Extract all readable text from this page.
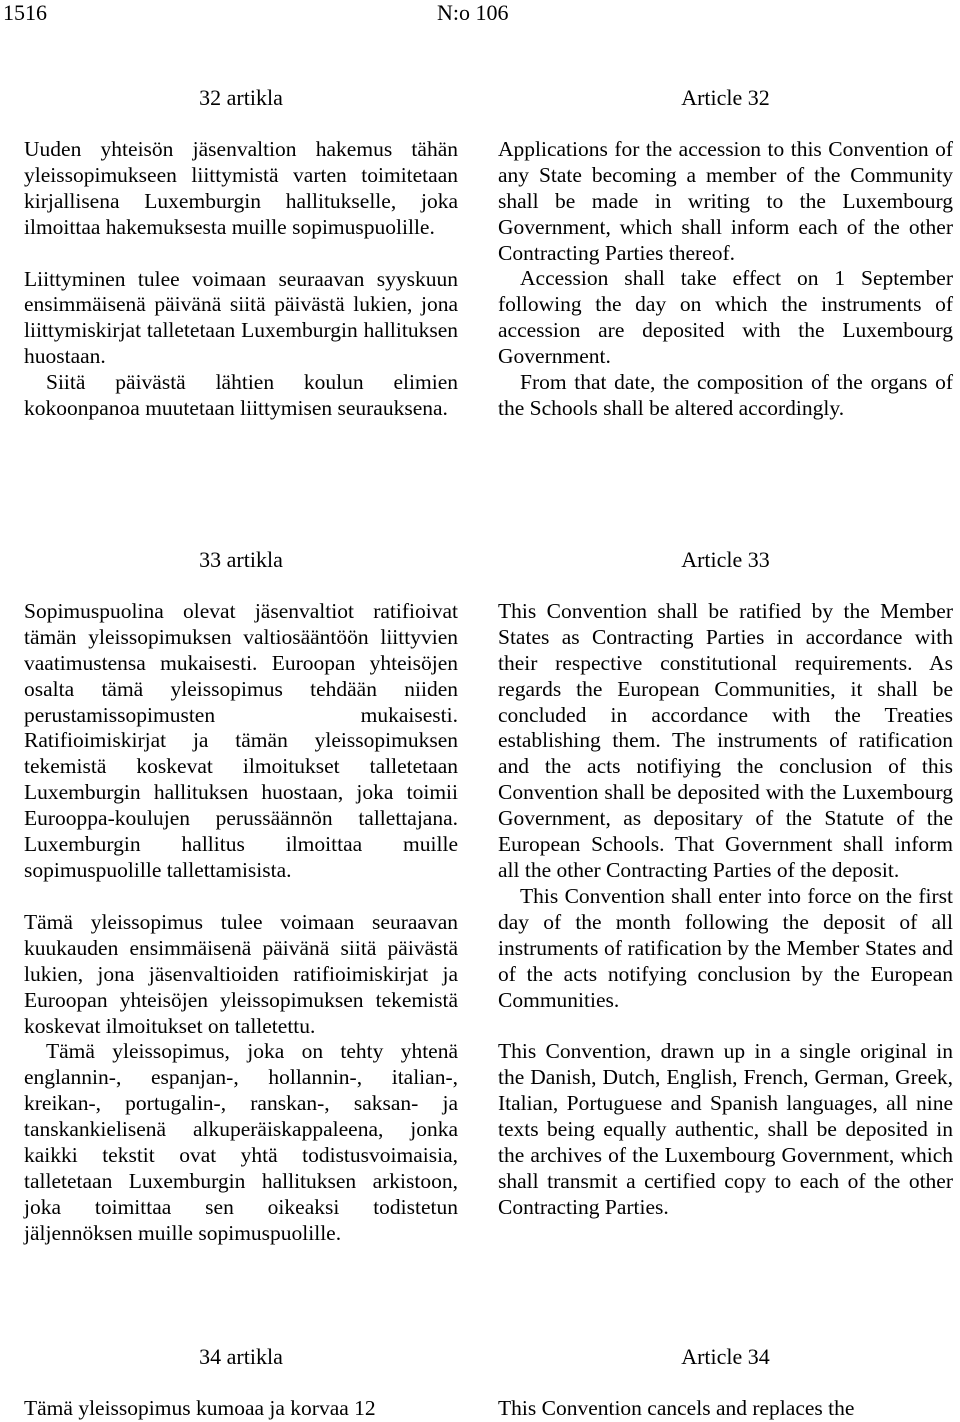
1516	N:o 106
32 artikla

Uuden yhteisön jäsenvaltion hakemus tähän yleissopimukseen liittymistä varten toimitetaan kirjallisena Luxemburgin hallitukselle, joka ilmoittaa hakemuksesta muille sopimuspuolille.

Liittyminen tulee voimaan seuraavan syyskuun ensimmäisenä päivänä siitä päivästä lukien, jona liittymiskirjat talletetaan Luxemburgin hallituksen huostaan.

Siitä päivästä lähtien koulun elimien kokoonpanoa muutetaan liittymisen seurauksena.

Article 32

Applications for the accession to this Convention of any State becoming a member of the Community shall be made in writing to the Luxembourg Government, which shall inform each of the other Contracting Parties thereof.

Accession shall take effect on 1 September following the day on which the instruments of accession are deposited with the Luxembourg Government.

From that date, the composition of the organs of the Schools shall be altered accordingly.

33 artikla

Sopimuspuolina olevat jäsenvaltiot ratifioivat tämän yleissopimuksen valtiosääntöön liittyvien vaatimustensa mukaisesti. Euroopan yhteisöjen osalta tämä yleissopimus tehdään niiden perustamissopimusten mukaisesti. Ratifioimiskirjat ja tämän yleissopimuksen tekemistä koskevat ilmoitukset talletetaan Luxemburgin hallituksen huostaan, joka toimii Eurooppa-koulujen perussäännön tallettajana. Luxemburgin hallitus ilmoittaa muille sopimuspuolille tallettamisista.

Tämä yleissopimus tulee voimaan seuraavan kuukauden ensimmäisenä päivänä siitä päivästä lukien, jona jäsenvaltioiden ratifioimiskirjat ja Euroopan yhteisöjen yleissopimuksen tekemistä koskevat ilmoitukset on talletettu.

Tämä yleissopimus, joka on tehty yhtenä englannin-, espanjan-, hollannin-, italian-, kreikan-, portugalin-, ranskan-, saksan- ja tanskankielisenä alkuperäiskappaleena, jonka kaikki tekstit ovat yhtä todistusvoimaisia, talletetaan Luxemburgin hallituksen arkistoon, joka toimittaa sen oikeaksi todistetun jäljennöksen muille sopimuspuolille.

Article 33

This Convention shall be ratified by the Member States as Contracting Parties in accordance with their respective constitutional requirements. As regards the European Communities, it shall be concluded in accordance with the Treaties establishing them. The instruments of ratification and the acts notifiying the conclusion of this Convention shall be deposited with the Luxembourg Government, as depositary of the Statute of the European Schools. That Government shall inform all the other Contracting Parties of the deposit.

This Convention shall enter into force on the first day of the month following the deposit of all instruments of ratification by the Member States and of the acts notifying conclusion by the European Communities.

This Convention, drawn up in a single original in the Danish, Dutch, English, French, German, Greek, Italian, Portuguese and Spanish languages, all nine texts being equally authentic, shall be deposited in the archives of the Luxembourg Government, which shall transmit a certified copy to each of the other Contracting Parties.

34 artikla

Tämä yleissopimus kumoaa ja korvaa 12

Article 34

This Convention cancels and replaces the
